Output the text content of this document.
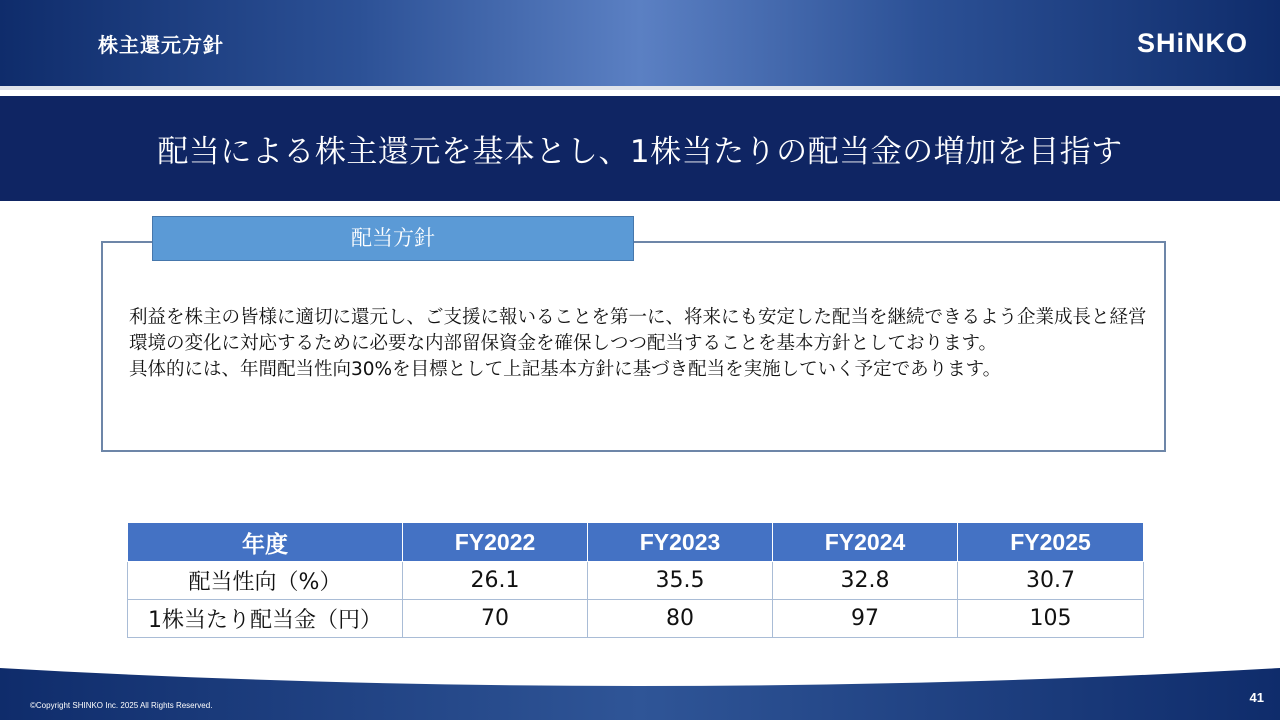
株主還元方針	SHiNKO
配当による株主還元を基本とし、1株当たりの配当金の増加を目指す
配当方針

利益を株主の皆様に適切に還元し、ご支援に報いることを第一に、将来にも安定した配当を継続できるよう企業成長と経営環境の変化に対応するために必要な内部留保資金を確保しつつ配当することを基本方針としております。

具体的には、年間配当性向30%を目標として上記基本方針に基づき配当を実施していく予定であります。

年度	FY2022	FY2023	FY2024	FY2025
配当性向（%）	26.1	35.5	32.8	30.7
1株当たり配当金（円）	70	80	97	105
©Copyright SHINKO Inc. 2025 All Rights Reserved.
41
